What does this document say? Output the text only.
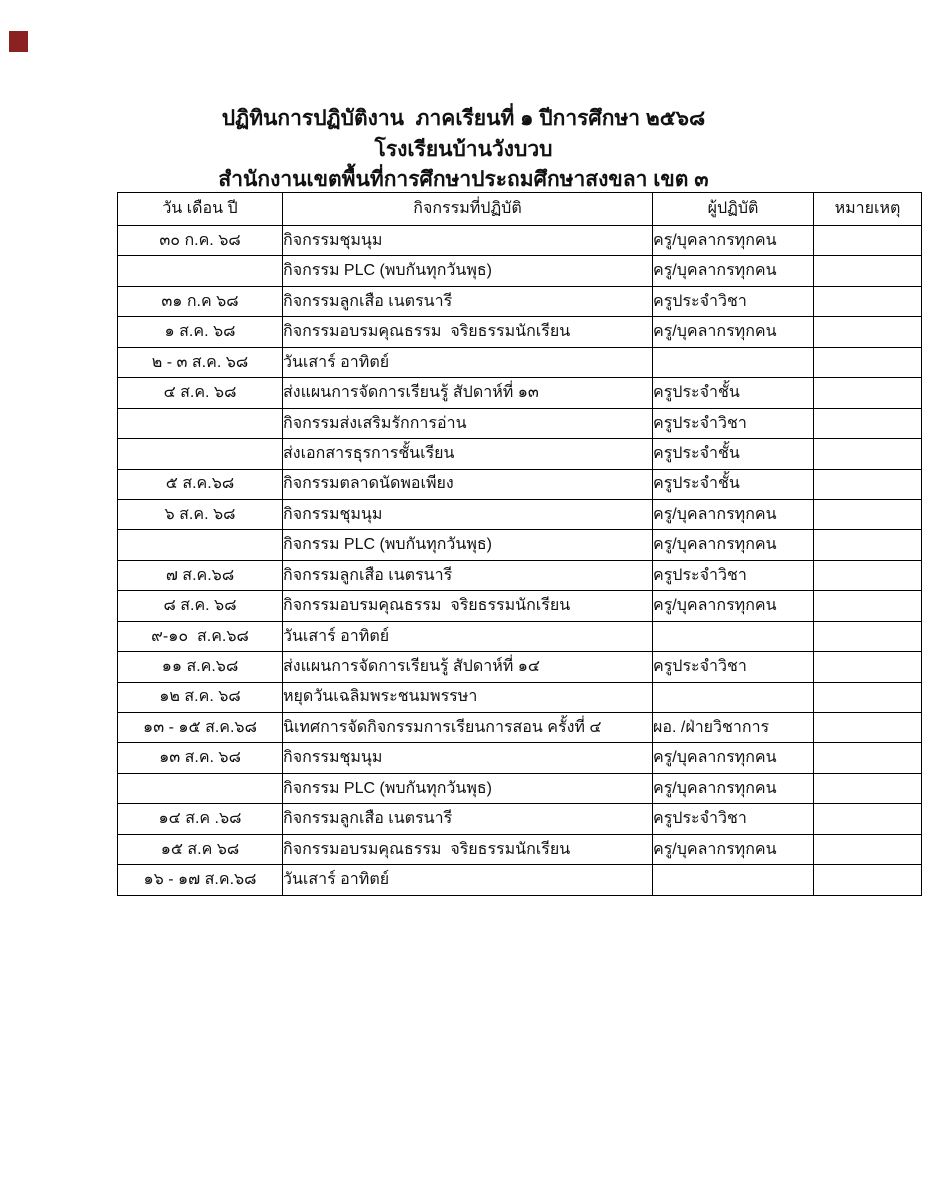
ปฏิทินการปฏิบัติงาน  ภาคเรียนที่ ๑ ปีการศึกษา ๒๕๖๘
โรงเรียนบ้านวังบวบ
สำนักงานเขตพื้นที่การศึกษาประถมศึกษาสงขลา เขต ๓
วัน เดือน ปี	กิจกรรมที่ปฏิบัติ	ผู้ปฏิบัติ	หมายเหตุ
๓๐ ก.ค. ๖๘	กิจกรรมชุมนุม	ครู/บุคลากรทุกคน	
	กิจกรรม PLC (พบกันทุกวันพุธ)	ครู/บุคลากรทุกคน	
๓๑ ก.ค ๖๘	กิจกรรมลูกเสือ เนตรนารี	ครูประจำวิชา	
๑ ส.ค. ๖๘	กิจกรรมอบรมคุณธรรม  จริยธรรมนักเรียน	ครู/บุคลากรทุกคน	
๒ - ๓ ส.ค. ๖๘	วันเสาร์ อาทิตย์		
๔ ส.ค. ๖๘	ส่งแผนการจัดการเรียนรู้ สัปดาห์ที่ ๑๓	ครูประจำชั้น	
	กิจกรรมส่งเสริมรักการอ่าน	ครูประจำวิชา	
	ส่งเอกสารธุรการชั้นเรียน	ครูประจำชั้น	
๕ ส.ค.๖๘	กิจกรรมตลาดนัดพอเพียง	ครูประจำชั้น	
๖ ส.ค. ๖๘	กิจกรรมชุมนุม	ครู/บุคลากรทุกคน	
	กิจกรรม PLC (พบกันทุกวันพุธ)	ครู/บุคลากรทุกคน	
๗ ส.ค.๖๘	กิจกรรมลูกเสือ เนตรนารี	ครูประจำวิชา	
๘ ส.ค. ๖๘	กิจกรรมอบรมคุณธรรม  จริยธรรมนักเรียน	ครู/บุคลากรทุกคน	
๙-๑๐  ส.ค.๖๘	วันเสาร์ อาทิตย์		
๑๑ ส.ค.๖๘	ส่งแผนการจัดการเรียนรู้ สัปดาห์ที่ ๑๔	ครูประจำวิชา	
๑๒ ส.ค. ๖๘	หยุดวันเฉลิมพระชนมพรรษา		
๑๓ - ๑๕ ส.ค.๖๘	นิเทศการจัดกิจกรรมการเรียนการสอน ครั้งที่ ๔	ผอ. /ฝ่ายวิชาการ	
๑๓ ส.ค. ๖๘	กิจกรรมชุมนุม	ครู/บุคลากรทุกคน	
	กิจกรรม PLC (พบกันทุกวันพุธ)	ครู/บุคลากรทุกคน	
๑๔ ส.ค .๖๘	กิจกรรมลูกเสือ เนตรนารี	ครูประจำวิชา	
๑๕ ส.ค ๖๘	กิจกรรมอบรมคุณธรรม  จริยธรรมนักเรียน	ครู/บุคลากรทุกคน	
๑๖ - ๑๗ ส.ค.๖๘	วันเสาร์ อาทิตย์		
